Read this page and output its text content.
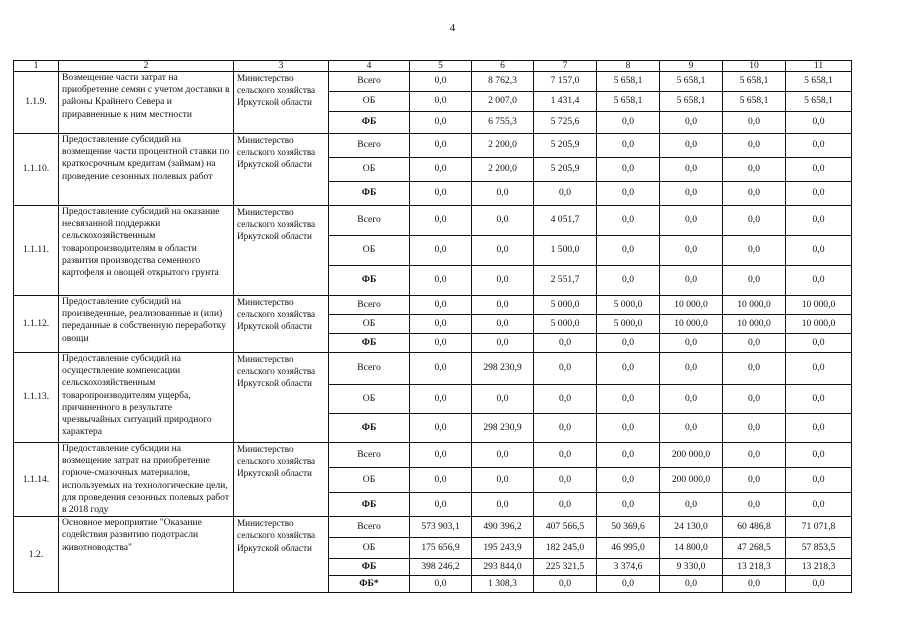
4
1	2	3	4	5	6	7	8	9	10	11
1.1.9.	Возмещение части затрат на приобретение семян с учетом доставки в районы Крайнего Севера и приравненные к ним местности	Министерство сельского хозяйства Иркутской области	Всего	0,0	8 762,3	7 157,0	5 658,1	5 658,1	5 658,1	5 658,1
			ОБ	0,0	2 007,0	1 431,4	5 658,1	5 658,1	5 658,1	5 658,1
			ФБ	0,0	6 755,3	5 725,6	0,0	0,0	0,0	0,0
1.1.10.	Предоставление субсидий на возмещение части процентной ставки по краткосрочным кредитам (займам) на проведение сезонных полевых работ	Министерство сельского хозяйства Иркутской области	Всего	0,0	2 200,0	5 205,9	0,0	0,0	0,0	0,0
			ОБ	0,0	2 200,0	5 205,9	0,0	0,0	0,0	0,0
			ФБ	0,0	0,0	0,0	0,0	0,0	0,0	0,0
1.1.11.	Предоставление субсидий на оказание несвязанной поддержки сельскохозяйственным товаропроизводителям в области развития производства семенного картофеля и овощей открытого грунта	Министерство сельского хозяйства Иркутской области	Всего	0,0	0,0	4 051,7	0,0	0,0	0,0	0,0
			ОБ	0,0	0,0	1 500,0	0,0	0,0	0,0	0,0
			ФБ	0,0	0,0	2 551,7	0,0	0,0	0,0	0,0
1.1.12.	Предоставление субсидий на произведенные, реализованные и (или) переданные в собственную переработку овощи	Министерство сельского хозяйства Иркутской области	Всего	0,0	0,0	5 000,0	5 000,0	10 000,0	10 000,0	10 000,0
			ОБ	0,0	0,0	5 000,0	5 000,0	10 000,0	10 000,0	10 000,0
			ФБ	0,0	0,0	0,0	0,0	0,0	0,0	0,0
1.1.13.	Предоставление субсидий на осуществление компенсации сельскохозяйственным товаропроизводителям ущерба, причиненного в результате чрезвычайных ситуаций природного характера	Министерство сельского хозяйства Иркутской области	Всего	0,0	298 230,9	0,0	0,0	0,0	0,0	0,0
			ОБ	0,0	0,0	0,0	0,0	0,0	0,0	0,0
			ФБ	0,0	298 230,9	0,0	0,0	0,0	0,0	0,0
1.1.14.	Предоставление субсидии на возмещение затрат на приобретение горюче-смазочных материалов, используемых на технологические цели, для проведения сезонных полевых работ в 2018 году	Министерство сельского хозяйства Иркутской области	Всего	0,0	0,0	0,0	0,0	200 000,0	0,0	0,0
			ОБ	0,0	0,0	0,0	0,0	200 000,0	0,0	0,0
			ФБ	0,0	0,0	0,0	0,0	0,0	0,0	0,0
1.2.	Основное мероприятие "Оказание содействия развитию подотрасли животноводства"	Министерство сельского хозяйства Иркутской области	Всего	573 903,1	490 396,2	407 566,5	50 369,6	24 130,0	60 486,8	71 071,8
			ОБ	175 656,9	195 243,9	182 245,0	46 995,0	14 800,0	47 268,5	57 853,5
			ФБ	398 246,2	293 844,0	225 321,5	3 374,6	9 330,0	13 218,3	13 218,3
			ФБ*	0,0	1 308,3	0,0	0,0	0,0	0,0	0,0
